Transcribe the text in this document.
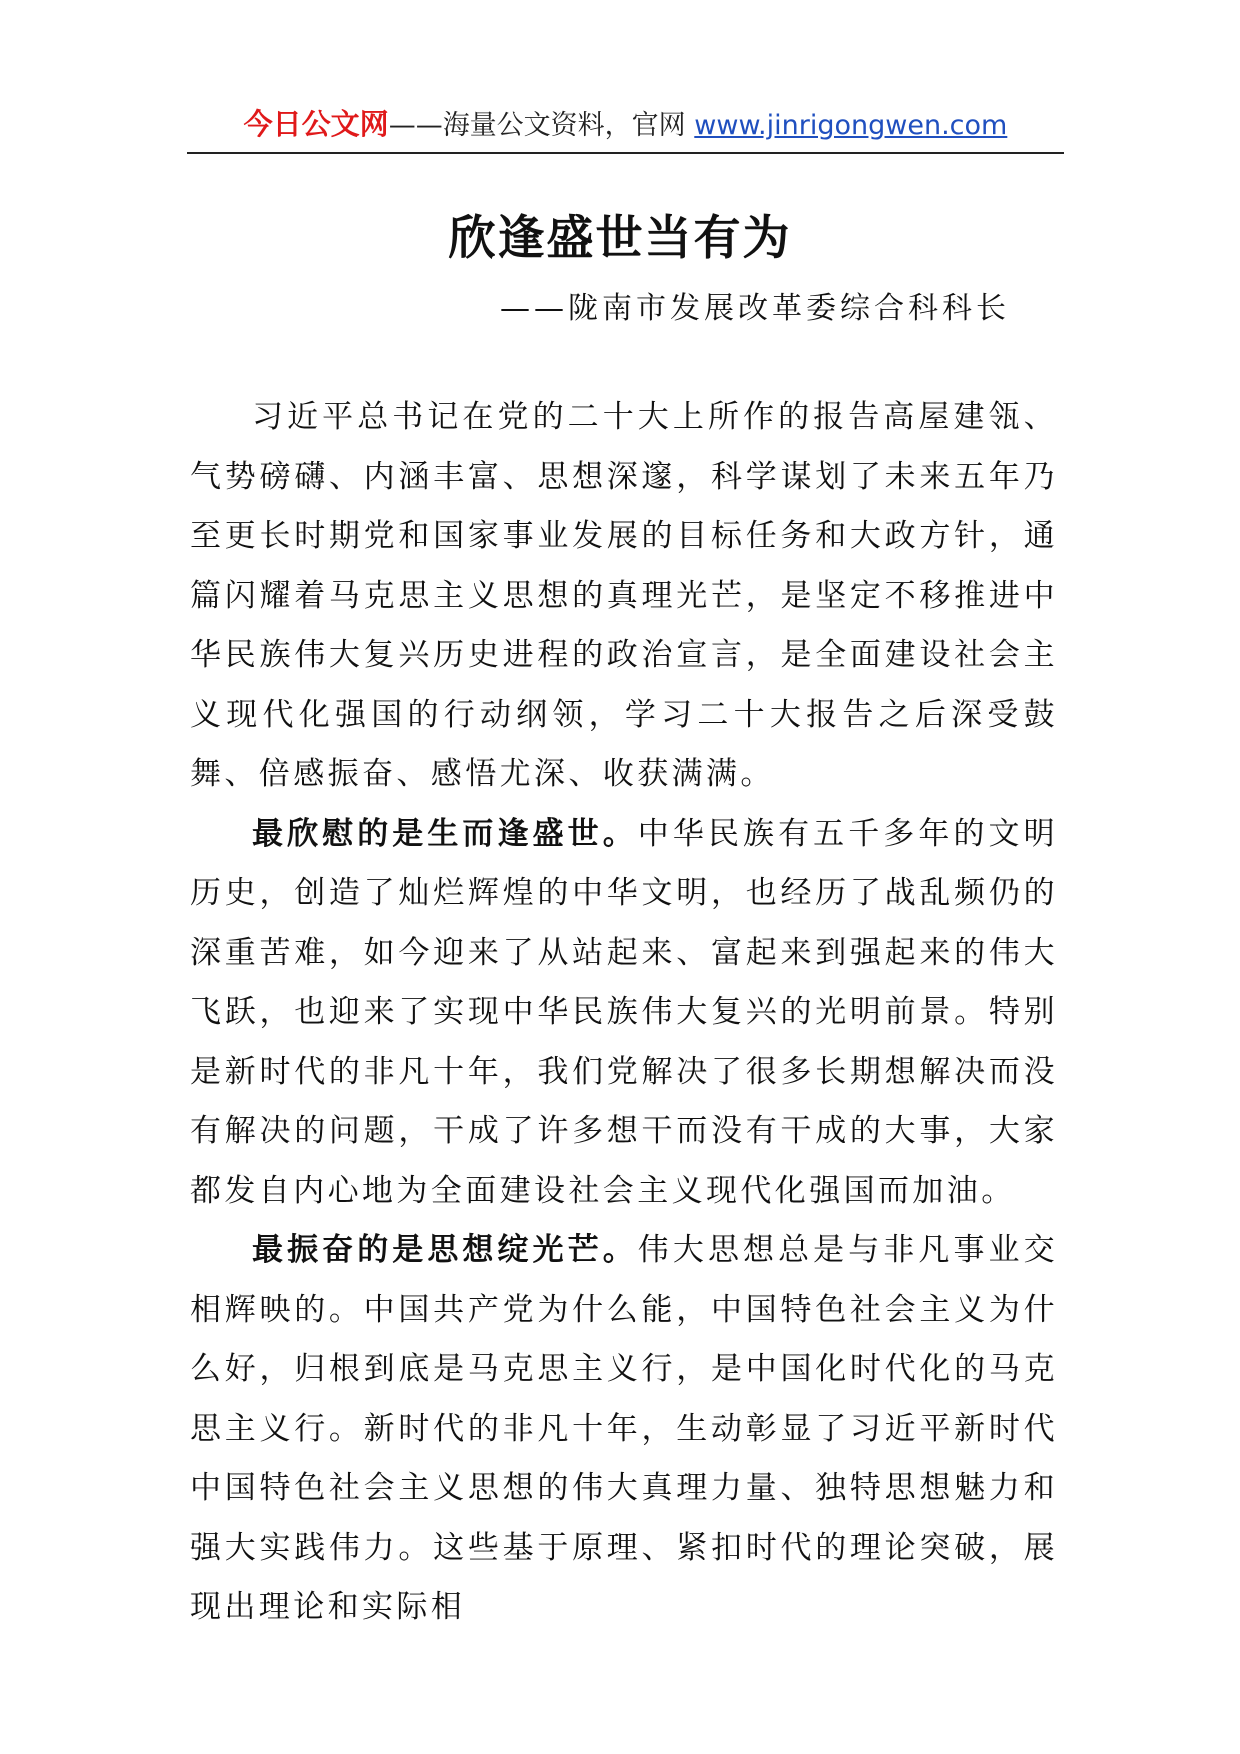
今日公文网——海量公文资料，官网 www.jinrigongwen.com
欣逢盛世当有为
——陇南市发展改革委综合科科长

习近平总书记在党的二十大上所作的报告高屋建瓴、气势磅礴、内涵丰富、思想深邃，科学谋划了未来五年乃至更长时期党和国家事业发展的目标任务和大政方针，通篇闪耀着马克思主义思想的真理光芒，是坚定不移推进中华民族伟大复兴历史进程的政治宣言，是全面建设社会主义现代化强国的行动纲领，学习二十大报告之后深受鼓舞、倍感振奋、感悟尤深、收获满满。

最欣慰的是生而逢盛世。中华民族有五千多年的文明历史，创造了灿烂辉煌的中华文明，也经历了战乱频仍的深重苦难，如今迎来了从站起来、富起来到强起来的伟大飞跃，也迎来了实现中华民族伟大复兴的光明前景。特别是新时代的非凡十年，我们党解决了很多长期想解决而没有解决的问题，干成了许多想干而没有干成的大事，大家都发自内心地为全面建设社会主义现代化强国而加油。

最振奋的是思想绽光芒。伟大思想总是与非凡事业交相辉映的。中国共产党为什么能，中国特色社会主义为什么好，归根到底是马克思主义行，是中国化时代化的马克思主义行。新时代的非凡十年，生动彰显了习近平新时代中国特色社会主义思想的伟大真理力量、独特思想魅力和强大实践伟力。这些基于原理、紧扣时代的理论突破，展现出理论和实际相
